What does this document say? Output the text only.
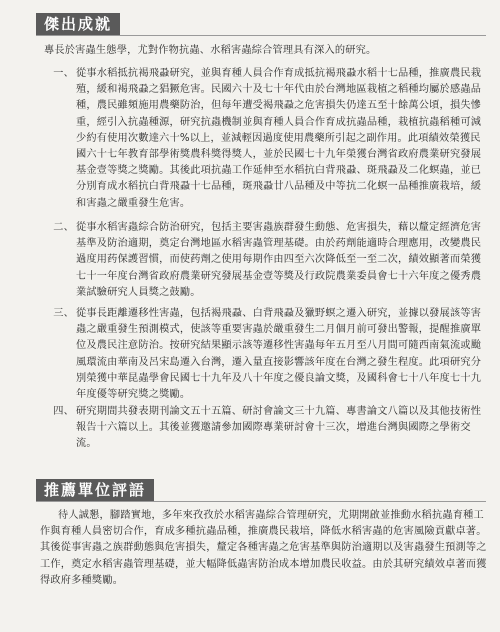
傑出成就
專長於害蟲生態學，尤對作物抗蟲、水稻害蟲綜合管理具有深入的研究。
一、 從事水稻抵抗褐飛蝨研究，並與育種人員合作育成抵抗褐飛蝨水稻十七品種，推廣農民栽殖，緩和褐飛蝨之猖獗危害。民國六十及七十年代由於台灣地區栽植之稻種均屬於感蟲品種，農民雖頻施用農藥防治，但每年遭受褐飛蝨之危害損失仍達五至十餘萬公頃，損失慘重，經引入抗蟲種源，研究抗蟲機制並與育種人員合作育成抗蟲品種，栽植抗蟲稻種可減少約有使用次數達六十%以上，並減輕因過度使用農藥所引起之副作用。此項績效榮獲民國六十七年教育部學術獎農科獎得獎人，並於民國七十九年榮獲台灣省政府農業研究發展基金壹等獎之獎勵。其後此項抗蟲工作延伸至水稻抗白背飛蝨、斑飛蝨及二化螟蟲，並已分別育成水稻抗白背飛蝨十七品種，斑飛蝨廿八品種及中等抗二化螟一品種推廣栽培，緩和害蟲之嚴重發生危害。
二、 從事水稻害蟲綜合防治研究，包括主要害蟲族群發生動態、危害損失，藉以釐定經濟危害基準及防治適期，奠定台灣地區水稻害蟲管理基礎。由於药劑能適時合理應用，改變農民過度用药保護習慣，而使药劑之使用每期作由四至六次降低至一至二次，績效顯著而榮獲七十一年度台灣省政府農業研究發展基金壹等獎及行政院農業委員會七十六年度之優秀農業試驗研究人員獎之鼓勵。
三、 從事長距離遷移性害蟲，包括褐飛蝨、白背飛蝨及獵野螟之遷入研究，並據以發展該等害蟲之嚴重發生預測模式，使該等重要害蟲於嚴重發生二月個月前可發出警報，提醒推廣單位及農民注意防治。按研究結果顯示該等遷移性害蟲每年五月至八月間可隨西南氣流或颱風環流由華南及呂宋島遷入台灣，遷入量直接影響該年度在台灣之發生程度。此項研究分別榮獲中華昆蟲學會民國七十九年及八十年度之優良論文獎，及國科會七十八年度七十九年度優等研究獎之獎勵。
四、 研究期間共發表期刊論文五十五篇、研討會論文三十九篇、專書論文八篇以及其他技術性報告十六篇以上。其後並獲邀請參加國際專業研討會十三次，增進台灣與國際之學術交流。
推薦單位評語
待人誠懇，腳踏實地，多年來孜孜於水稻害蟲綜合管理研究，尤期開啟並推動水稻抗蟲育種工作與育種人員密切合作，育成多種抗蟲品種，推廣農民栽培，降低水稻害蟲的危害風險貢獻卓著。其後從事害蟲之族群動態與危害損失，釐定各種害蟲之危害基準與防治適期以及害蟲發生預測等之工作，奠定水稻害蟲管理基礎，並大幅降低蟲害防治成本增加農民收益。由於其研究績效卓著而獲得政府多種獎勵。
